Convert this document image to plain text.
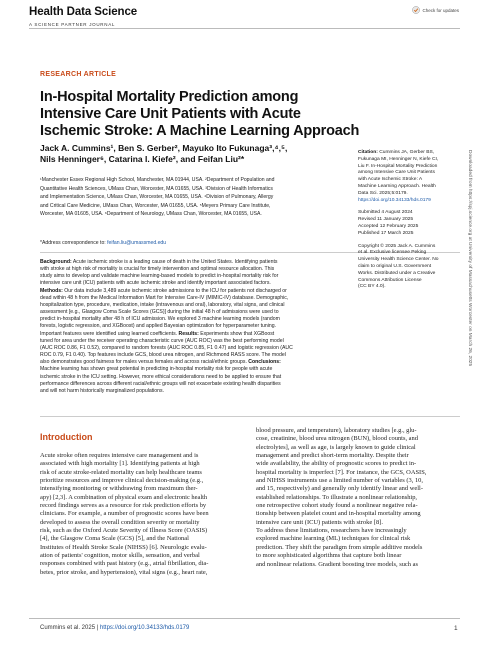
Health Data Science
A SCIENCE PARTNER JOURNAL
Check for updates
RESEARCH ARTICLE
In-Hospital Mortality Prediction among
Intensive Care Unit Patients with Acute
Ischemic Stroke: A Machine Learning Approach
Jack A. Cummins¹, Ben S. Gerber², Mayuko Ito Fukunaga³,⁴,⁵,
Nils Henninger⁶, Catarina I. Kiefe², and Feifan Liu²*
¹Manchester Essex Regional High School, Manchester, MA 01944, USA. ²Department of Population and
Quantitative Health Sciences, UMass Chan, Worcester, MA 01655, USA. ³Division of Health Informatics
and Implementation Science, UMass Chan, Worcester, MA 01655, USA. ⁴Division of Pulmonary, Allergy
and Critical Care Medicine, UMass Chan, Worcester, MA 01655, USA. ⁵Meyers Primary Care Institute,
Worcester, MA 01605, USA. ⁶Department of Neurology, UMass Chan, Worcester, MA 01655, USA.
*Address correspondence to: feifan.liu@umassmed.edu
Background: Acute ischemic stroke is a leading cause of death in the United States. Identifying patients
with stroke at high risk of mortality is crucial for timely intervention and optimal resource allocation. This
study aims to develop and validate machine learning-based models to predict in-hospital mortality risk for
intensive care unit (ICU) patients with acute ischemic stroke and identify important associated factors.
Methods: Our data include 3,489 acute ischemic stroke admissions to the ICU for patients not discharged or
dead within 48 h from the Medical Information Mart for Intensive Care-IV (MIMIC-IV) database. Demographic,
hospitalization type, procedure, medication, intake (intravenous and oral), laboratory, vital signs, and clinical
assessment [e.g., Glasgow Coma Scale Scores (GCS)] during the initial 48 h of admissions were used to
predict in-hospital mortality after 48 h of ICU admission. We explored 3 machine learning models (random
forests, logistic regression, and XGBoost) and applied Bayesian optimization for hyperparameter tuning.
Important features were identified using learned coefficients. Results: Experiments show that XGBoost
tuned for area under the receiver operating characteristic curve (AUC ROC) was the best performing model
(AUC ROC 0.86, F1 0.52), compared to random forests (AUC ROC 0.85, F1 0.47) and logistic regression (AUC
ROC 0.79, F1 0.40). Top features include GCS, blood urea nitrogen, and Richmond RASS score. The model
also demonstrates good fairness for males versus females and across racial/ethnic groups. Conclusions:
Machine learning has shown great potential in predicting in-hospital mortality risk for people with acute
ischemic stroke in the ICU setting. However, more ethical considerations need to be applied to ensure that
performance differences across different racial/ethnic groups will not exacerbate existing health disparities
and will not harm historically marginalized populations.
Citation: Cummins JA, Gerber BS,
Fukunaga MI, Henninger N, Kiefe CI,
Liu F. In-Hospital Mortality Prediction
among Intensive Care Unit Patients
with Acute Ischemic Stroke: A
Machine Learning Approach. Health
Data Sci. 2025;5:0179.
https://doi.org/10.34133/hds.0179
Submitted 4 August 2024
Revised 11 January 2025
Accepted 12 February 2025
Published 17 March 2025
Copyright © 2025 Jack A. Cummins
et al. Exclusive licensee Peking
University Health Science Center. No
claim to original U.S. Government
Works. Distributed under a Creative
Commons Attribution License
(CC BY 4.0).	Downloaded from https://spj.science.org at University of Massachusetts Worcester on March 26, 2025
Introduction
Acute stroke often requires intensive care management and is
associated with high mortality [1]. Identifying patients at high
risk of acute stroke-related mortality can help healthcare teams
prioritize resources and improve clinical decision-making (e.g.,
intensifying monitoring or withdrawing from maximum ther-
apy) [2,3]. A combination of physical exam and electronic health
record findings serves as a resource for risk prediction efforts by
clinicians. For example, a number of prognostic scores have been
developed to assess the overall condition severity or mortality
risk, such as the Oxford Acute Severity of Illness Score (OASIS)
[4], the Glasgow Coma Scale (GCS) [5], and the National
Institutes of Health Stroke Scale (NIHSS) [6]. Neurologic evalu-
ation of patients' cognition, motor skills, sensation, and verbal
responses combined with past history (e.g., atrial fibrillation, dia-
betes, prior stroke, and hypertension), vital signs (e.g., heart rate,
blood pressure, and temperature), laboratory studies [e.g., glu-
cose, creatinine, blood urea nitrogen (BUN), blood counts, and
electrolytes], as well as age, is largely known to guide clinical
management and predict short-term mortality. Despite their
wide availability, the ability of prognostic scores to predict in-
hospital mortality is imperfect [7]. For instance, the GCS, OASIS,
and NIHSS instruments use a limited number of variables (3, 10,
and 15, respectively) and generally only identify linear and well-
established relationships. To illustrate a nonlinear relationship,
one retrospective cohort study found a nonlinear negative rela-
tionship between platelet count and in-hospital mortality among
intensive care unit (ICU) patients with stroke [8].
To address these limitations, researchers have increasingly
explored machine learning (ML) techniques for clinical risk
prediction. They shift the paradigm from simple additive models
to more sophisticated algorithms that capture both linear
and nonlinear relations. Gradient boosting tree models, such as
Cummins et al. 2025 | https://doi.org/10.34133/hds.0179	1
